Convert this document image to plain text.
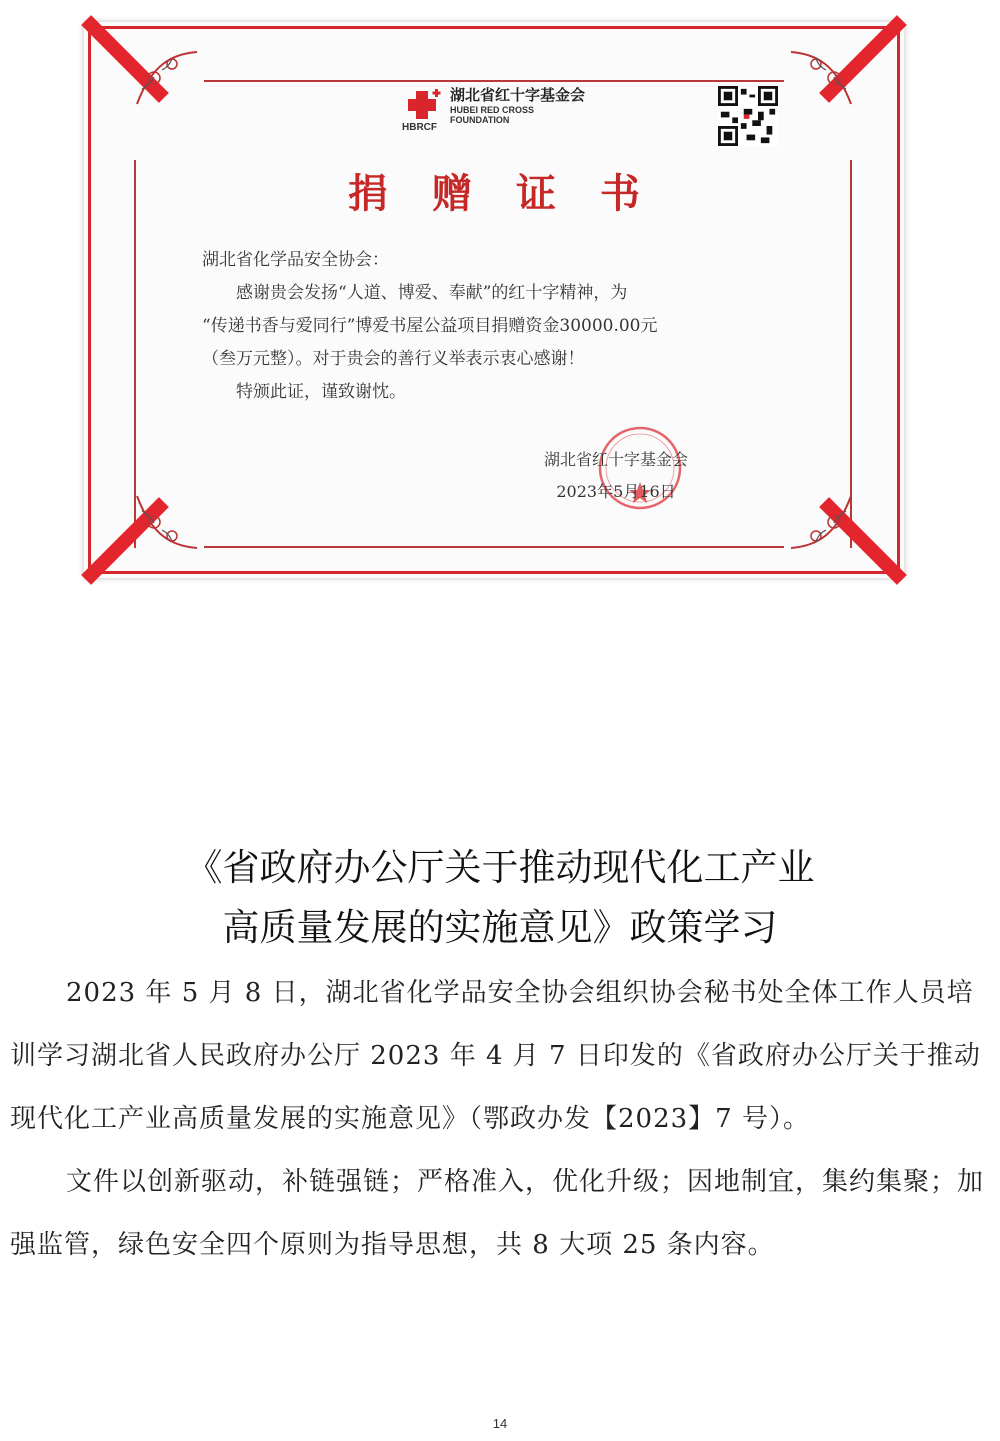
湖北省红十字基金会
HUBEI RED CROSS
FOUNDATION
HBRCF
捐赠证书

湖北省化学品安全协会：

感谢贵会发扬“人道、博爱、奉献”的红十字精神，为

“传递书香与爱同行”博爱书屋公益项目捐赠资金30000.00元

（叁万元整）。对于贵会的善行义举表示衷心感谢！

特颁此证，谨致谢忱。

湖北省红十字基金会
2023年5月16日
《省政府办公厅关于推动现代化工产业
高质量发展的实施意见》政策学习

2023 年 5 月 8 日，湖北省化学品安全协会组织协会秘书处全体工作人员培训学习湖北省人民政府办公厅 2023 年 4 月 7 日印发的《省政府办公厅关于推动现代化工产业高质量发展的实施意见》（鄂政办发【2023】7 号）。

文件以创新驱动，补链强链；严格准入，优化升级；因地制宜，集约集聚；加强监管，绿色安全四个原则为指导思想，共 8 大项 25 条内容。

14
